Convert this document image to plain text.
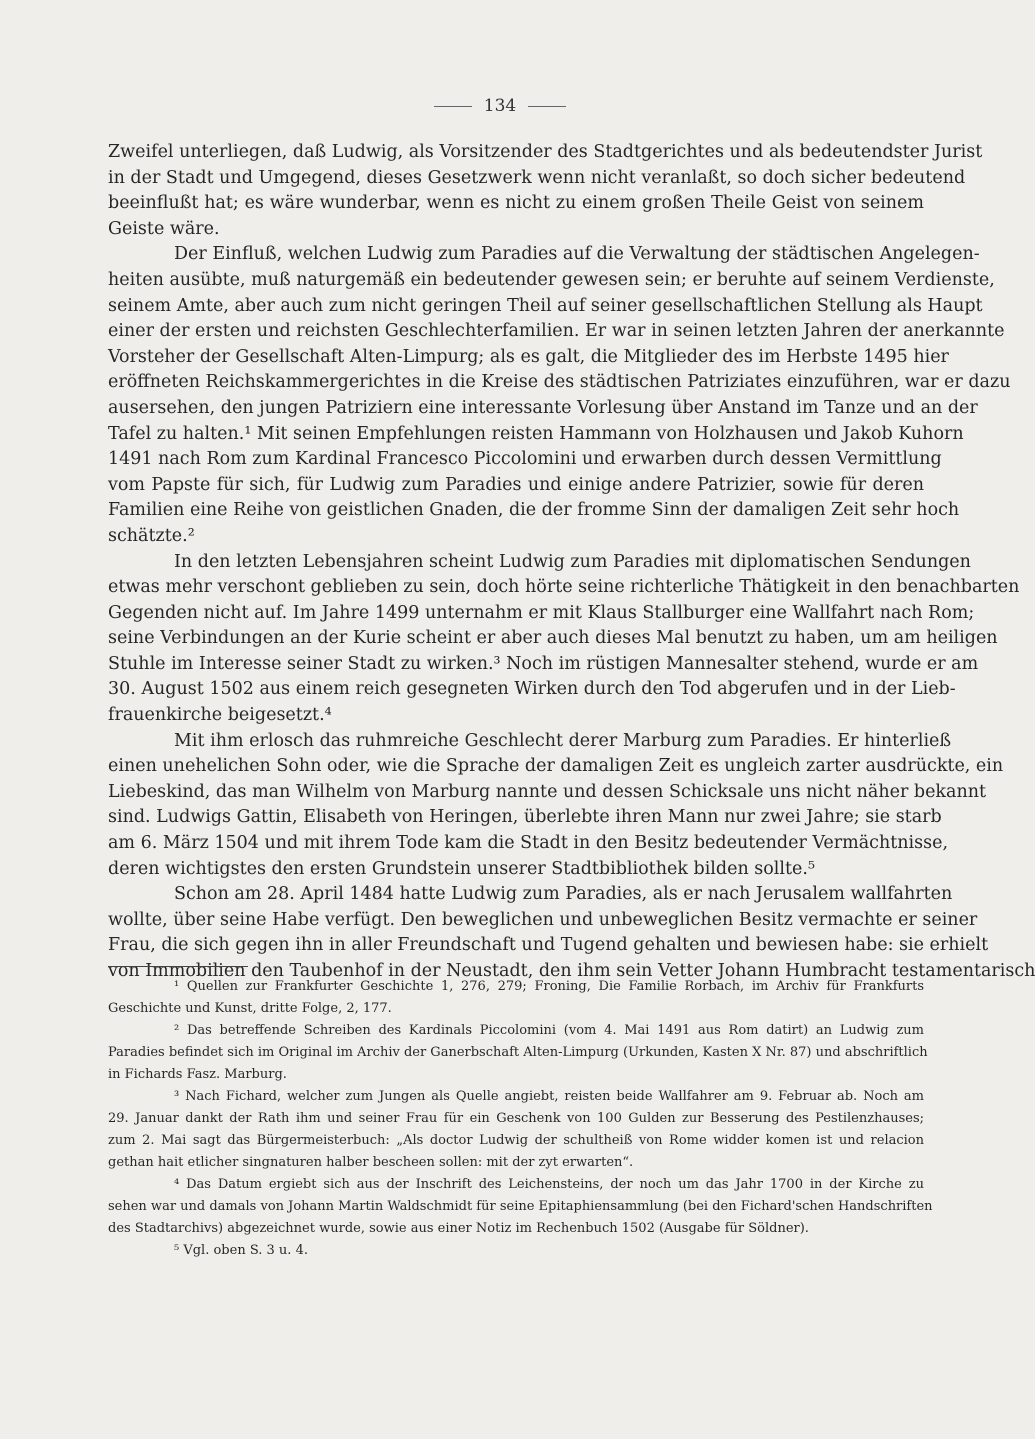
134
Zweifel unterliegen, daß Ludwig, als Vorsitzender des Stadtgerichtes und als bedeutendster Jurist
in der Stadt und Umgegend, dieses Gesetzwerk wenn nicht veranlaßt, so doch sicher bedeutend
beeinflußt hat; es wäre wunderbar, wenn es nicht zu einem großen Theile Geist von seinem
Geiste wäre.
Der Einfluß, welchen Ludwig zum Paradies auf die Verwaltung der städtischen Angelegen-
heiten ausübte, muß naturgemäß ein bedeutender gewesen sein; er beruhte auf seinem Verdienste,
seinem Amte, aber auch zum nicht geringen Theil auf seiner gesellschaftlichen Stellung als Haupt
einer der ersten und reichsten Geschlechterfamilien. Er war in seinen letzten Jahren der anerkannte
Vorsteher der Gesellschaft Alten-Limpurg; als es galt, die Mitglieder des im Herbste 1495 hier
eröffneten Reichskammergerichtes in die Kreise des städtischen Patriziates einzuführen, war er dazu
ausersehen, den jungen Patriziern eine interessante Vorlesung über Anstand im Tanze und an der
Tafel zu halten.¹ Mit seinen Empfehlungen reisten Hammann von Holzhausen und Jakob Kuhorn
1491 nach Rom zum Kardinal Francesco Piccolomini und erwarben durch dessen Vermittlung
vom Papste für sich, für Ludwig zum Paradies und einige andere Patrizier, sowie für deren
Familien eine Reihe von geistlichen Gnaden, die der fromme Sinn der damaligen Zeit sehr hoch
schätzte.²
In den letzten Lebensjahren scheint Ludwig zum Paradies mit diplomatischen Sendungen
etwas mehr verschont geblieben zu sein, doch hörte seine richterliche Thätigkeit in den benachbarten
Gegenden nicht auf. Im Jahre 1499 unternahm er mit Klaus Stallburger eine Wallfahrt nach Rom;
seine Verbindungen an der Kurie scheint er aber auch dieses Mal benutzt zu haben, um am heiligen
Stuhle im Interesse seiner Stadt zu wirken.³ Noch im rüstigen Mannesalter stehend, wurde er am
30. August 1502 aus einem reich gesegneten Wirken durch den Tod abgerufen und in der Lieb-
frauenkirche beigesetzt.⁴
Mit ihm erlosch das ruhmreiche Geschlecht derer Marburg zum Paradies. Er hinterließ
einen unehelichen Sohn oder, wie die Sprache der damaligen Zeit es ungleich zarter ausdrückte, ein
Liebeskind, das man Wilhelm von Marburg nannte und dessen Schicksale uns nicht näher bekannt
sind. Ludwigs Gattin, Elisabeth von Heringen, überlebte ihren Mann nur zwei Jahre; sie starb
am 6. März 1504 und mit ihrem Tode kam die Stadt in den Besitz bedeutender Vermächtnisse,
deren wichtigstes den ersten Grundstein unserer Stadtbibliothek bilden sollte.⁵
Schon am 28. April 1484 hatte Ludwig zum Paradies, als er nach Jerusalem wallfahrten
wollte, über seine Habe verfügt. Den beweglichen und unbeweglichen Besitz vermachte er seiner
Frau, die sich gegen ihn in aller Freundschaft und Tugend gehalten und bewiesen habe: sie erhielt
von Immobilien den Taubenhof in der Neustadt, den ihm sein Vetter Johann Humbracht testamentarisch
¹ Quellen zur Frankfurter Geschichte 1, 276, 279; Froning, Die Familie Rorbach, im Archiv für Frankfurts
Geschichte und Kunst, dritte Folge, 2, 177.
² Das betreffende Schreiben des Kardinals Piccolomini (vom 4. Mai 1491 aus Rom datirt) an Ludwig zum
Paradies befindet sich im Original im Archiv der Ganerbschaft Alten-Limpurg (Urkunden, Kasten X Nr. 87) und abschriftlich
in Fichards Fasz. Marburg.
³ Nach Fichard, welcher zum Jungen als Quelle angiebt, reisten beide Wallfahrer am 9. Februar ab. Noch am
29. Januar dankt der Rath ihm und seiner Frau für ein Geschenk von 100 Gulden zur Besserung des Pestilenzhauses;
zum 2. Mai sagt das Bürgermeisterbuch: „Als doctor Ludwig der schultheiß von Rome widder komen ist und relacion
gethan hait etlicher singnaturen halber bescheen sollen: mit der zyt erwarten“.
⁴ Das Datum ergiebt sich aus der Inschrift des Leichensteins, der noch um das Jahr 1700 in der Kirche zu
sehen war und damals von Johann Martin Waldschmidt für seine Epitaphiensammlung (bei den Fichard'schen Handschriften
des Stadtarchivs) abgezeichnet wurde, sowie aus einer Notiz im Rechenbuch 1502 (Ausgabe für Söldner).
⁵ Vgl. oben S. 3 u. 4.
